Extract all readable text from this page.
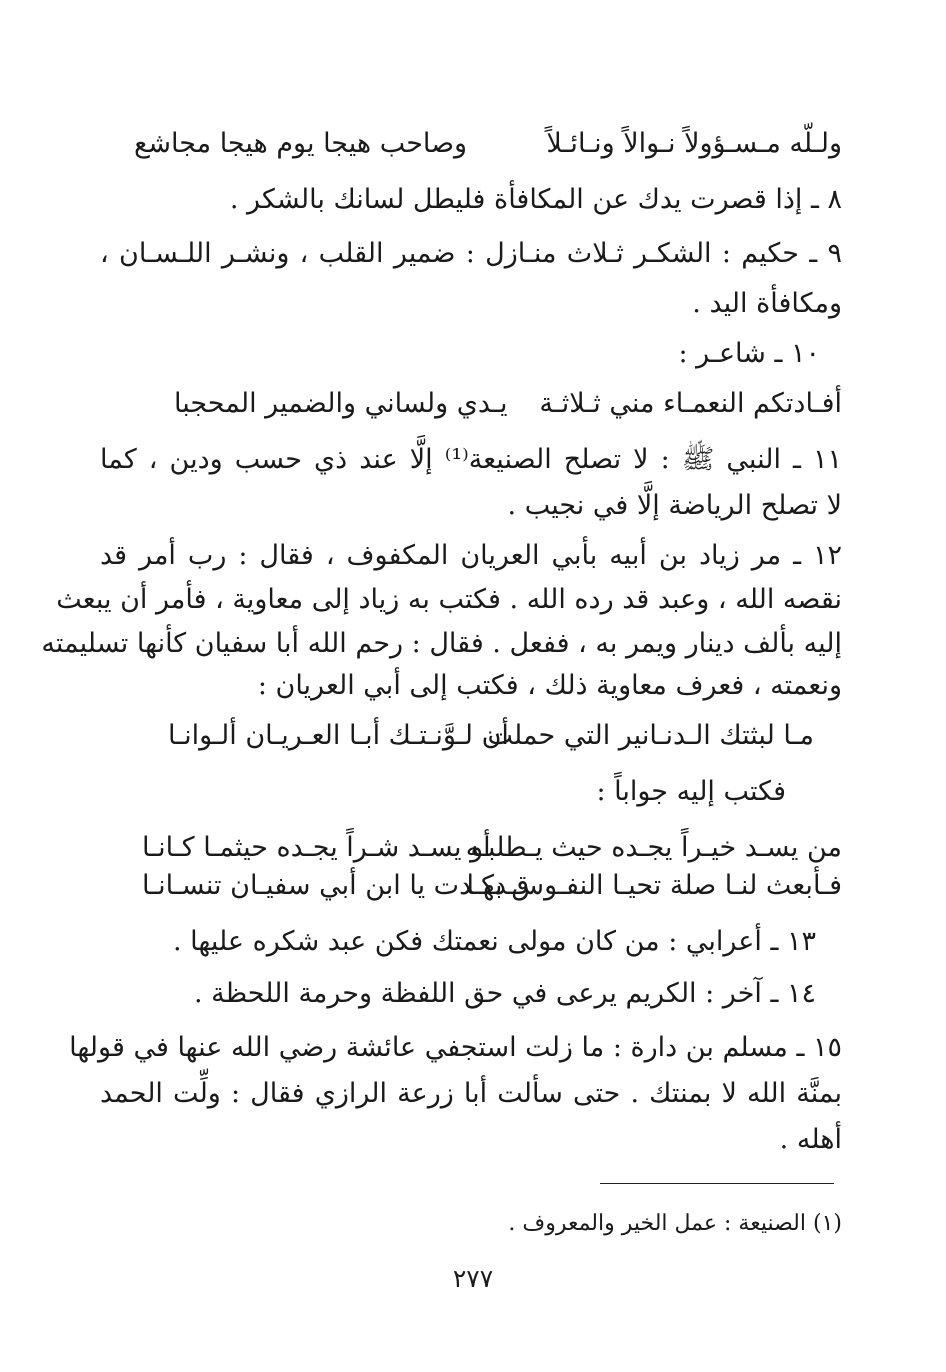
ولـلّه مـسـؤولاً نـوالاً ونـائـلاً
وصاحب هيجا يوم هيجا مجاشع
٨ ـ إذا قصرت يدك عن المكافأة فليطل لسانك بالشكر .
٩ ـ حكيم : الشكـر ثـلاث منـازل : ضمير القلب ، ونشـر اللـسـان ،
ومكافأة اليد .
١٠ ـ شاعـر :
أفـادتكم النعمـاء مني ثـلاثـة
يـدي ولساني والضمير المحجبا
١١ ـ النبي ﷺ : لا تصلح الصنيعة⁽¹⁾ إلَّا عند ذي حسب ودين ، كما
لا تصلح الرياضة إلَّا في نجيب .
١٢ ـ مر زياد بن أبيه بأبي العريان المكفوف ، فقال : رب أمر قد
نقصه الله ، وعبد قد رده الله . فكتب به زياد إلى معاوية ، فأمر أن يبعث
إليه بألف دينار ويمر به ، ففعل . فقال : رحم الله أبا سفيان كأنها تسليمته
ونعمته ، فعرف معاوية ذلك ، فكتب إلى أبي العريان :
مـا لبثتك الـدنـانير التي حملت
أن لـوَّنـتـك أبـا العـريـان ألـوانـا
فكتب إليه جواباً :
من يسـد خيـراً يجـده حيث يـطلبـه
أو يسـد شـراً يجـده حيثمـا كـانـا
فـأبعث لنـا صلة تحيـا النفـوس بهـا
قـدكـدت يا ابن أبي سفيـان تنسـانـا
١٣ ـ أعرابي : من كان مولى نعمتك فكن عبد شكره عليها .
١٤ ـ آخر : الكريم يرعى في حق اللفظة وحرمة اللحظة .
١٥ ـ مسلم بن دارة : ما زلت استجفي عائشة رضي الله عنها في قولها
بمنَّة الله لا بمنتك . حتى سألت أبا زرعة الرازي فقال : ولِّت الحمد
أهله .
(١) الصنيعة : عمل الخير والمعروف .
٢٧٧
